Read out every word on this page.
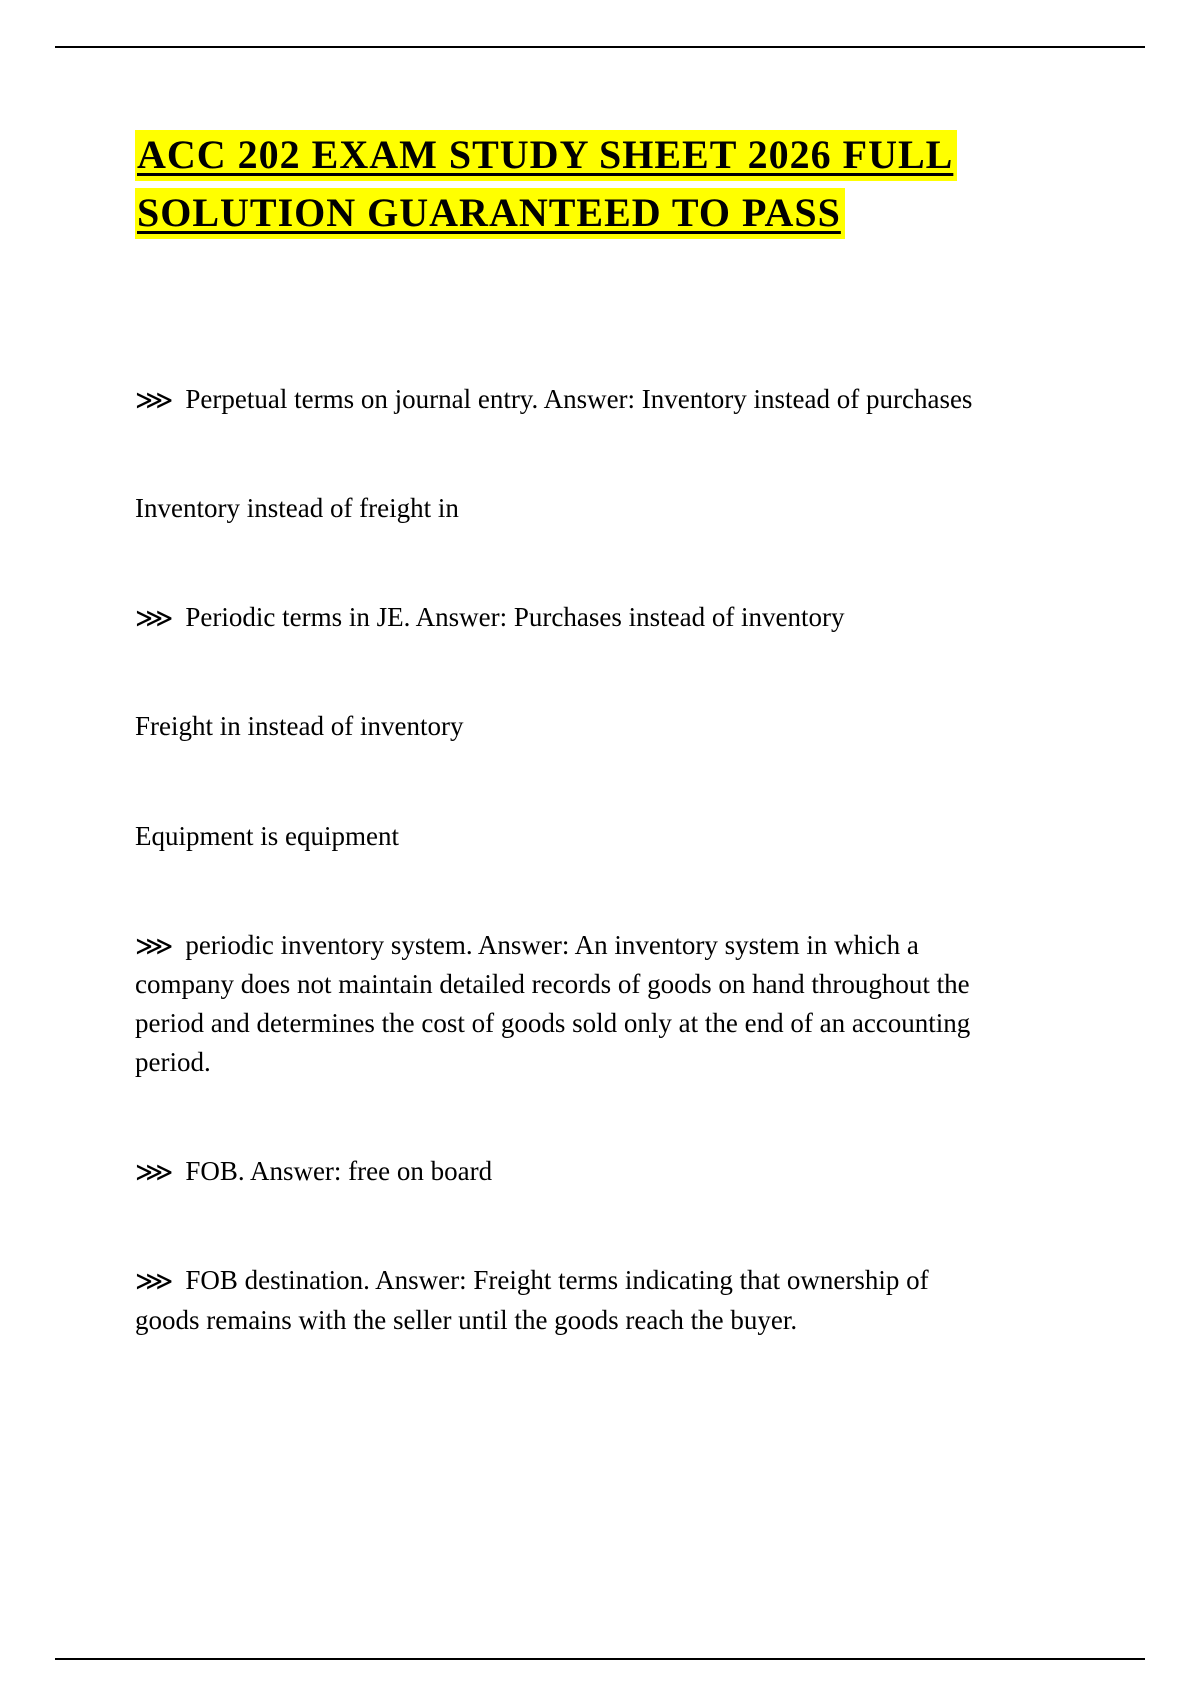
ACC 202 EXAM STUDY SHEET 2026 FULL
SOLUTION GUARANTEED TO PASS

⋙ Perpetual terms on journal entry. Answer: Inventory instead of purchases

Inventory instead of freight in

⋙ Periodic terms in JE. Answer: Purchases instead of inventory

Freight in instead of inventory

Equipment is equipment

⋙ periodic inventory system. Answer: An inventory system in which a company does not maintain detailed records of goods on hand throughout the period and determines the cost of goods sold only at the end of an accounting period.

⋙ FOB. Answer: free on board

⋙ FOB destination. Answer: Freight terms indicating that ownership of goods remains with the seller until the goods reach the buyer.
